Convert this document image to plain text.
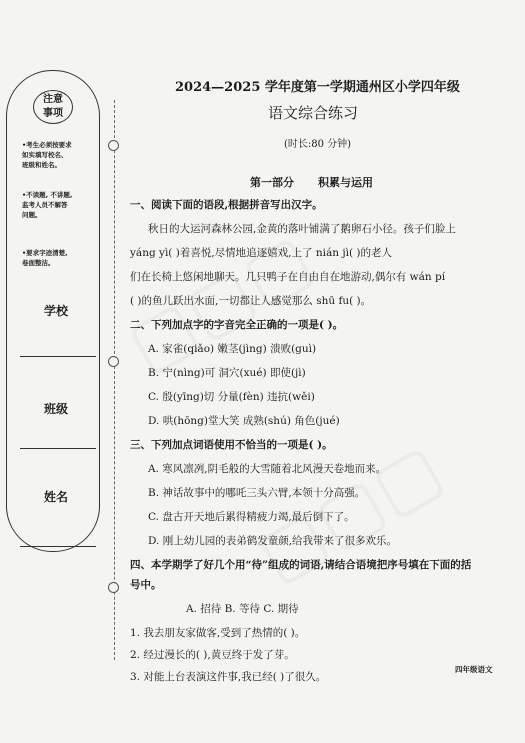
注意
事项
•考生必须按要求
如实填写校名、
班级和姓名。
•不读题, 不讲题,
监考人员不解答
问题。
•要求字迹清楚,
卷面整洁。
学校
班级
姓名
2024—2025 学年度第一学期通州区小学四年级
语文综合练习
(时长:80 分钟)
第一部分 积累与运用
一、阅读下面的语段,根据拼音写出汉字。
秋日的大运河森林公园,金黄的落叶铺满了鹅卵石小径。孩子们脸上
yáng yì( )着喜悦,尽情地追逐嬉戏,上了 nián jì( )的老人
们在长椅上悠闲地聊天。几只鸭子在自由自在地游动,偶尔有 wán pí
( )的鱼儿跃出水面,一切都让人感觉那么 shū fu( )。
二、下列加点字的字音完全正确的一项是( )。
A. 家雀(qiǎo) 嫩茎(jìng) 溃败(guì)
B. 宁(nìng)可 洞穴(xué) 即使(jì)
C. 殷(yīng)切 分量(fèn) 违抗(wěi)
D. 哄(hōng)堂大笑 成熟(shú) 角色(jué)
三、下列加点词语使用不恰当的一项是( )。
A. 寒风凛冽,阴毛般的大雪随着北风漫天卷地而来。
B. 神话故事中的哪吒三头六臂,本领十分高强。
C. 盘古开天地后累得精疲力竭,最后倒下了。
D. 刚上幼儿园的表弟鹤发童颜,给我带来了很多欢乐。
四、本学期学了好几个用“待”组成的词语,请结合语境把序号填在下面的括
号中。
A. 招待 B. 等待 C. 期待
1. 我去朋友家做客,受到了热情的( )。
2. 经过漫长的( ),黄豆终于发了芽。
3. 对能上台表演这件事,我已经( )了很久。
四年级语文
